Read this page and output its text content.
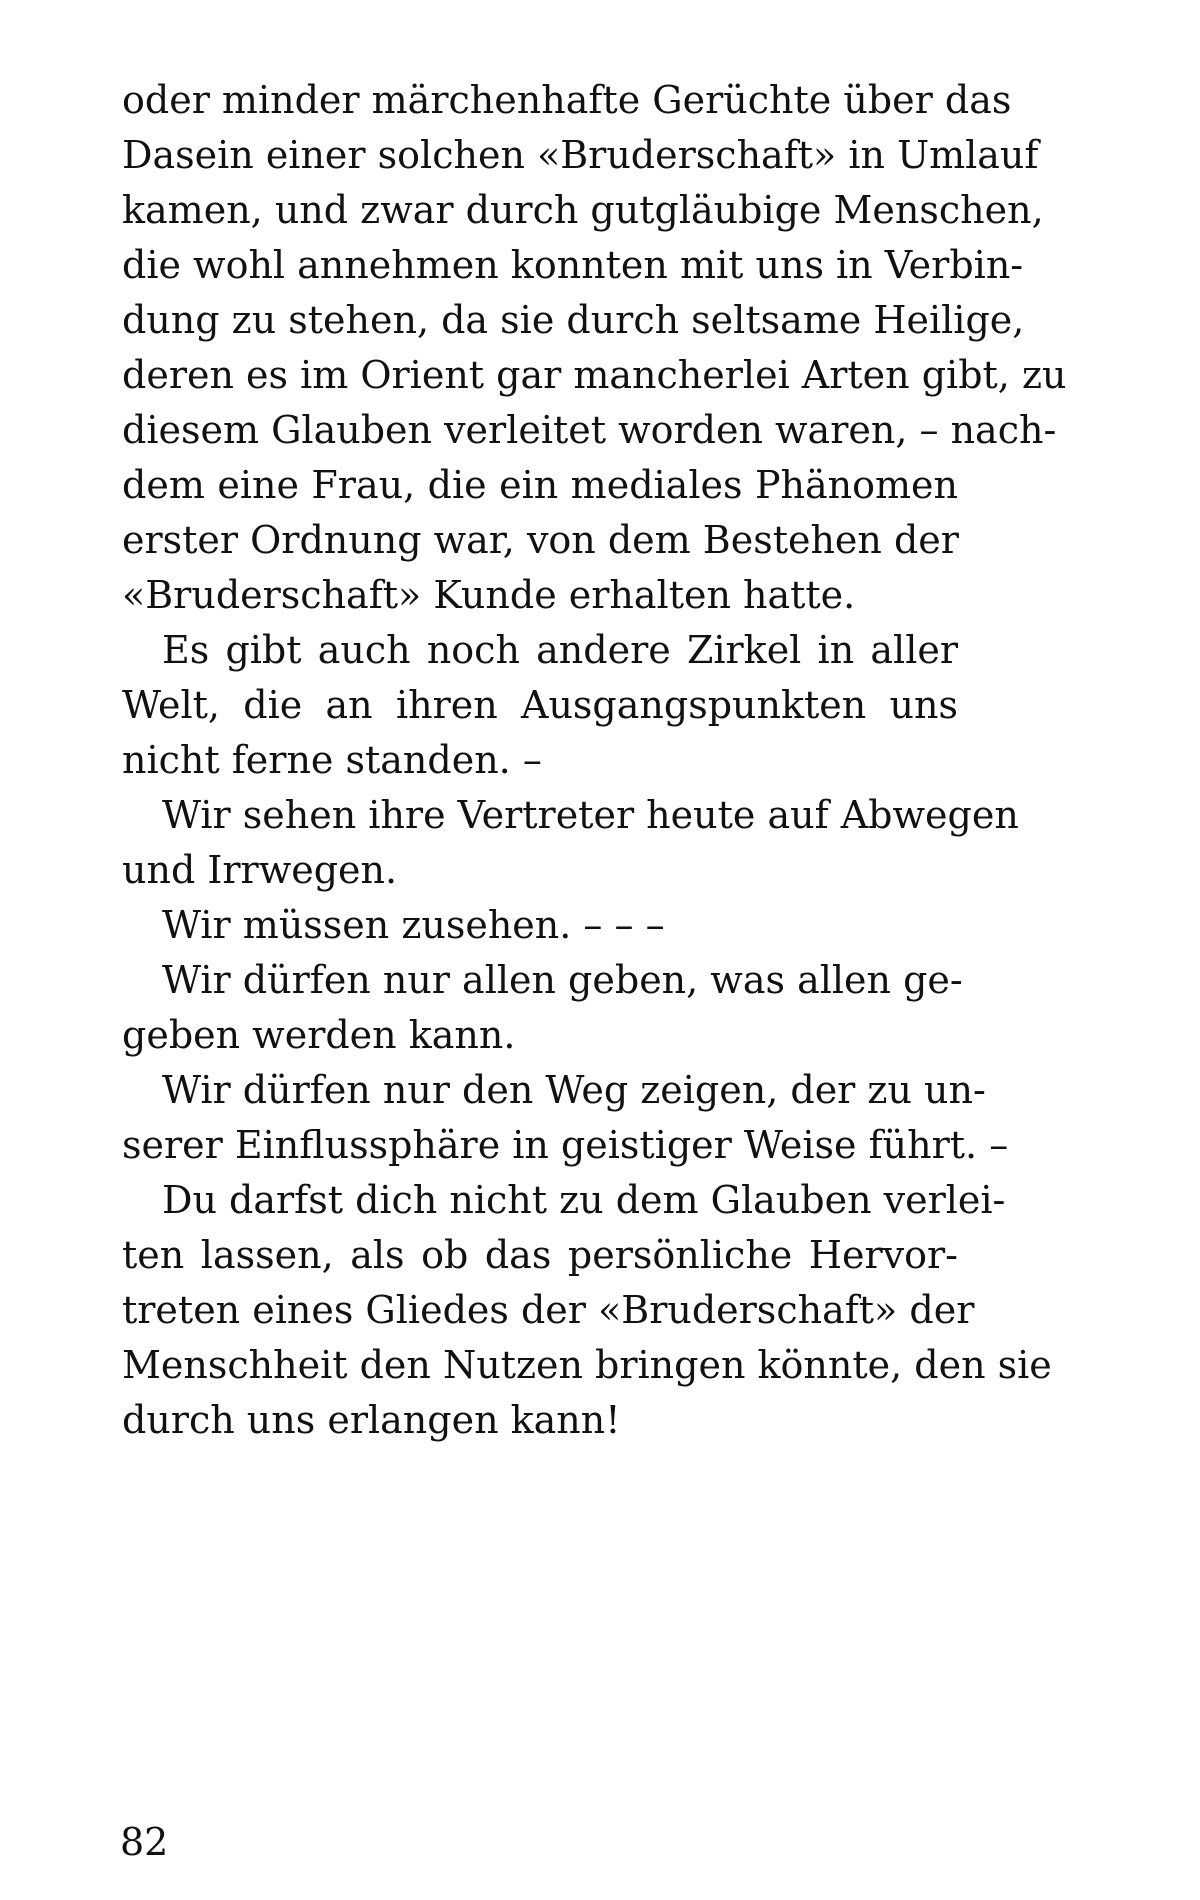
oder minder märchenhafte Gerüchte über das
Dasein einer solchen «Bruderschaft» in Umlauf
kamen, und zwar durch gutgläubige Menschen,
die wohl annehmen konnten mit uns in Verbin-
dung zu stehen, da sie durch seltsame Heilige,
deren es im Orient gar mancherlei Arten gibt, zu
diesem Glauben verleitet worden waren, – nach-
dem eine Frau, die ein mediales Phänomen
erster Ordnung war, von dem Bestehen der
«Bruderschaft» Kunde erhalten hatte.
Es gibt auch noch andere Zirkel in aller
Welt, die an ihren Ausgangspunkten uns
nicht ferne standen. –
Wir sehen ihre Vertreter heute auf Abwegen
und Irrwegen.
Wir müssen zusehen. – – –
Wir dürfen nur allen geben, was allen ge-
geben werden kann.
Wir dürfen nur den Weg zeigen, der zu un-
serer Einflussphäre in geistiger Weise führt. –
Du darfst dich nicht zu dem Glauben verlei-
ten lassen, als ob das persönliche Hervor-
treten eines Gliedes der «Bruderschaft» der
Menschheit den Nutzen bringen könnte, den sie
durch uns erlangen kann!
82
